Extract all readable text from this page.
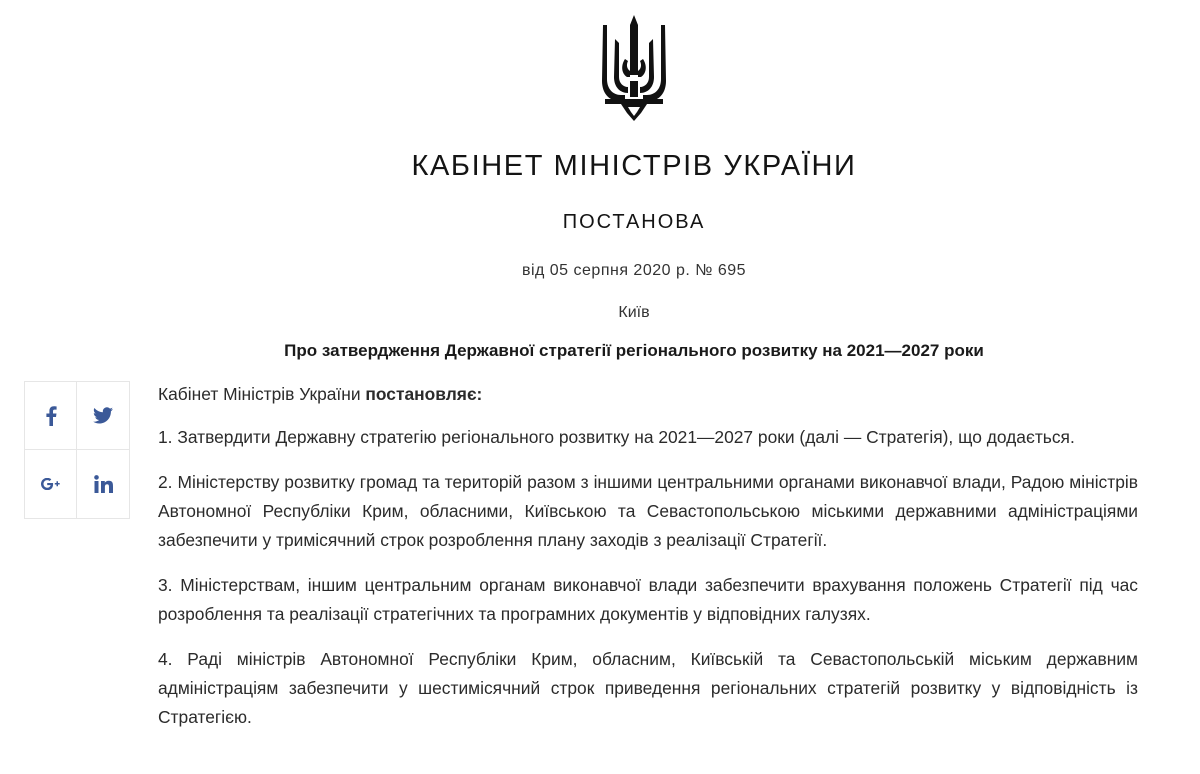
КАБІНЕТ МІНІСТРІВ УКРАЇНИ
ПОСТАНОВА
від 05 серпня 2020 р. № 695
Київ
Про затвердження Державної стратегії регіонального розвитку на 2021—2027 роки

Кабінет Міністрів України постановляє:

1. Затвердити Державну стратегію регіонального розвитку на 2021—2027 роки (далі — Стратегія), що додається.

2. Міністерству розвитку громад та територій разом з іншими центральними органами виконавчої влади, Радою міністрів Автономної Республіки Крим, обласними, Київською та Севастопольською міськими державними адміністраціями забезпечити у тримісячний строк розроблення плану заходів з реалізації Стратегії.

3. Міністерствам, іншим центральним органам виконавчої влади забезпечити врахування положень Стратегії під час розроблення та реалізації стратегічних та програмних документів у відповідних галузях.

4. Раді міністрів Автономної Республіки Крим, обласним, Київській та Севастопольській міським державним адміністраціям забезпечити у шестимісячний строк приведення регіональних стратегій розвитку у відповідність із Стратегією.
